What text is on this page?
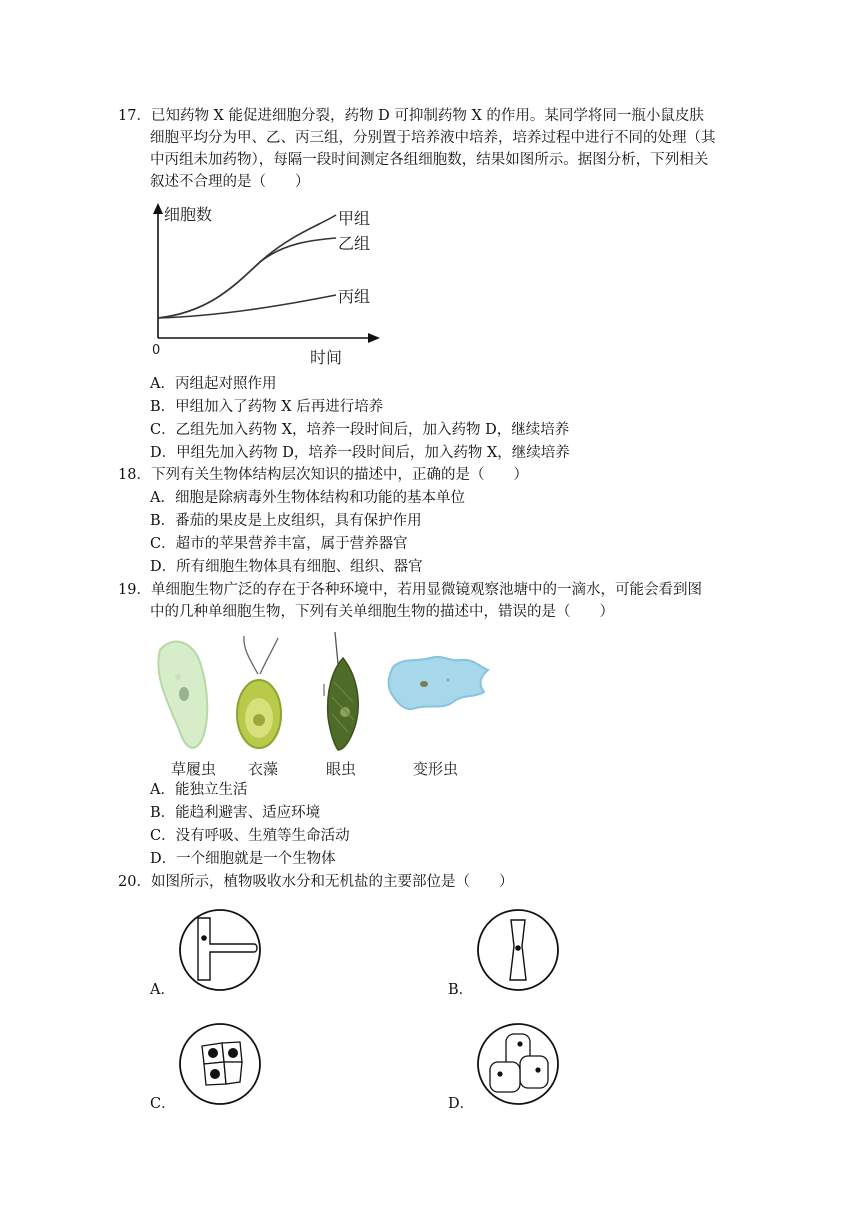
17．已知药物 X 能促进细胞分裂，药物 D 可抑制药物 X 的作用。某同学将同一瓶小鼠皮肤
细胞平均分为甲、乙、丙三组，分别置于培养液中培养，培养过程中进行不同的处理（其
中丙组未加药物），每隔一段时间测定各组细胞数，结果如图所示。据图分析，下列相关
叙述不合理的是（　　）
细胞数	甲组
乙组
丙组
0	时间
A．丙组起对照作用
B．甲组加入了药物 X 后再进行培养
C．乙组先加入药物 X，培养一段时间后，加入药物 D，继续培养
D．甲组先加入药物 D，培养一段时间后，加入药物 X，继续培养
18．下列有关生物体结构层次知识的描述中，正确的是（　　）
A．细胞是除病毒外生物体结构和功能的基本单位
B．番茄的果皮是上皮组织，具有保护作用
C．超市的苹果营养丰富，属于营养器官
D．所有细胞生物体具有细胞、组织、器官
19．单细胞生物广泛的存在于各种环境中，若用显微镜观察池塘中的一滴水，可能会看到图
中的几种单细胞生物，下列有关单细胞生物的描述中，错误的是（　　）
草履虫 衣藻	眼虫	变形虫
A．能独立生活
B．能趋利避害、适应环境
C．没有呼吸、生殖等生命活动
D．一个细胞就是一个生物体
20．如图所示，植物吸收水分和无机盐的主要部位是（　　）
A．	B．
C．	D．
